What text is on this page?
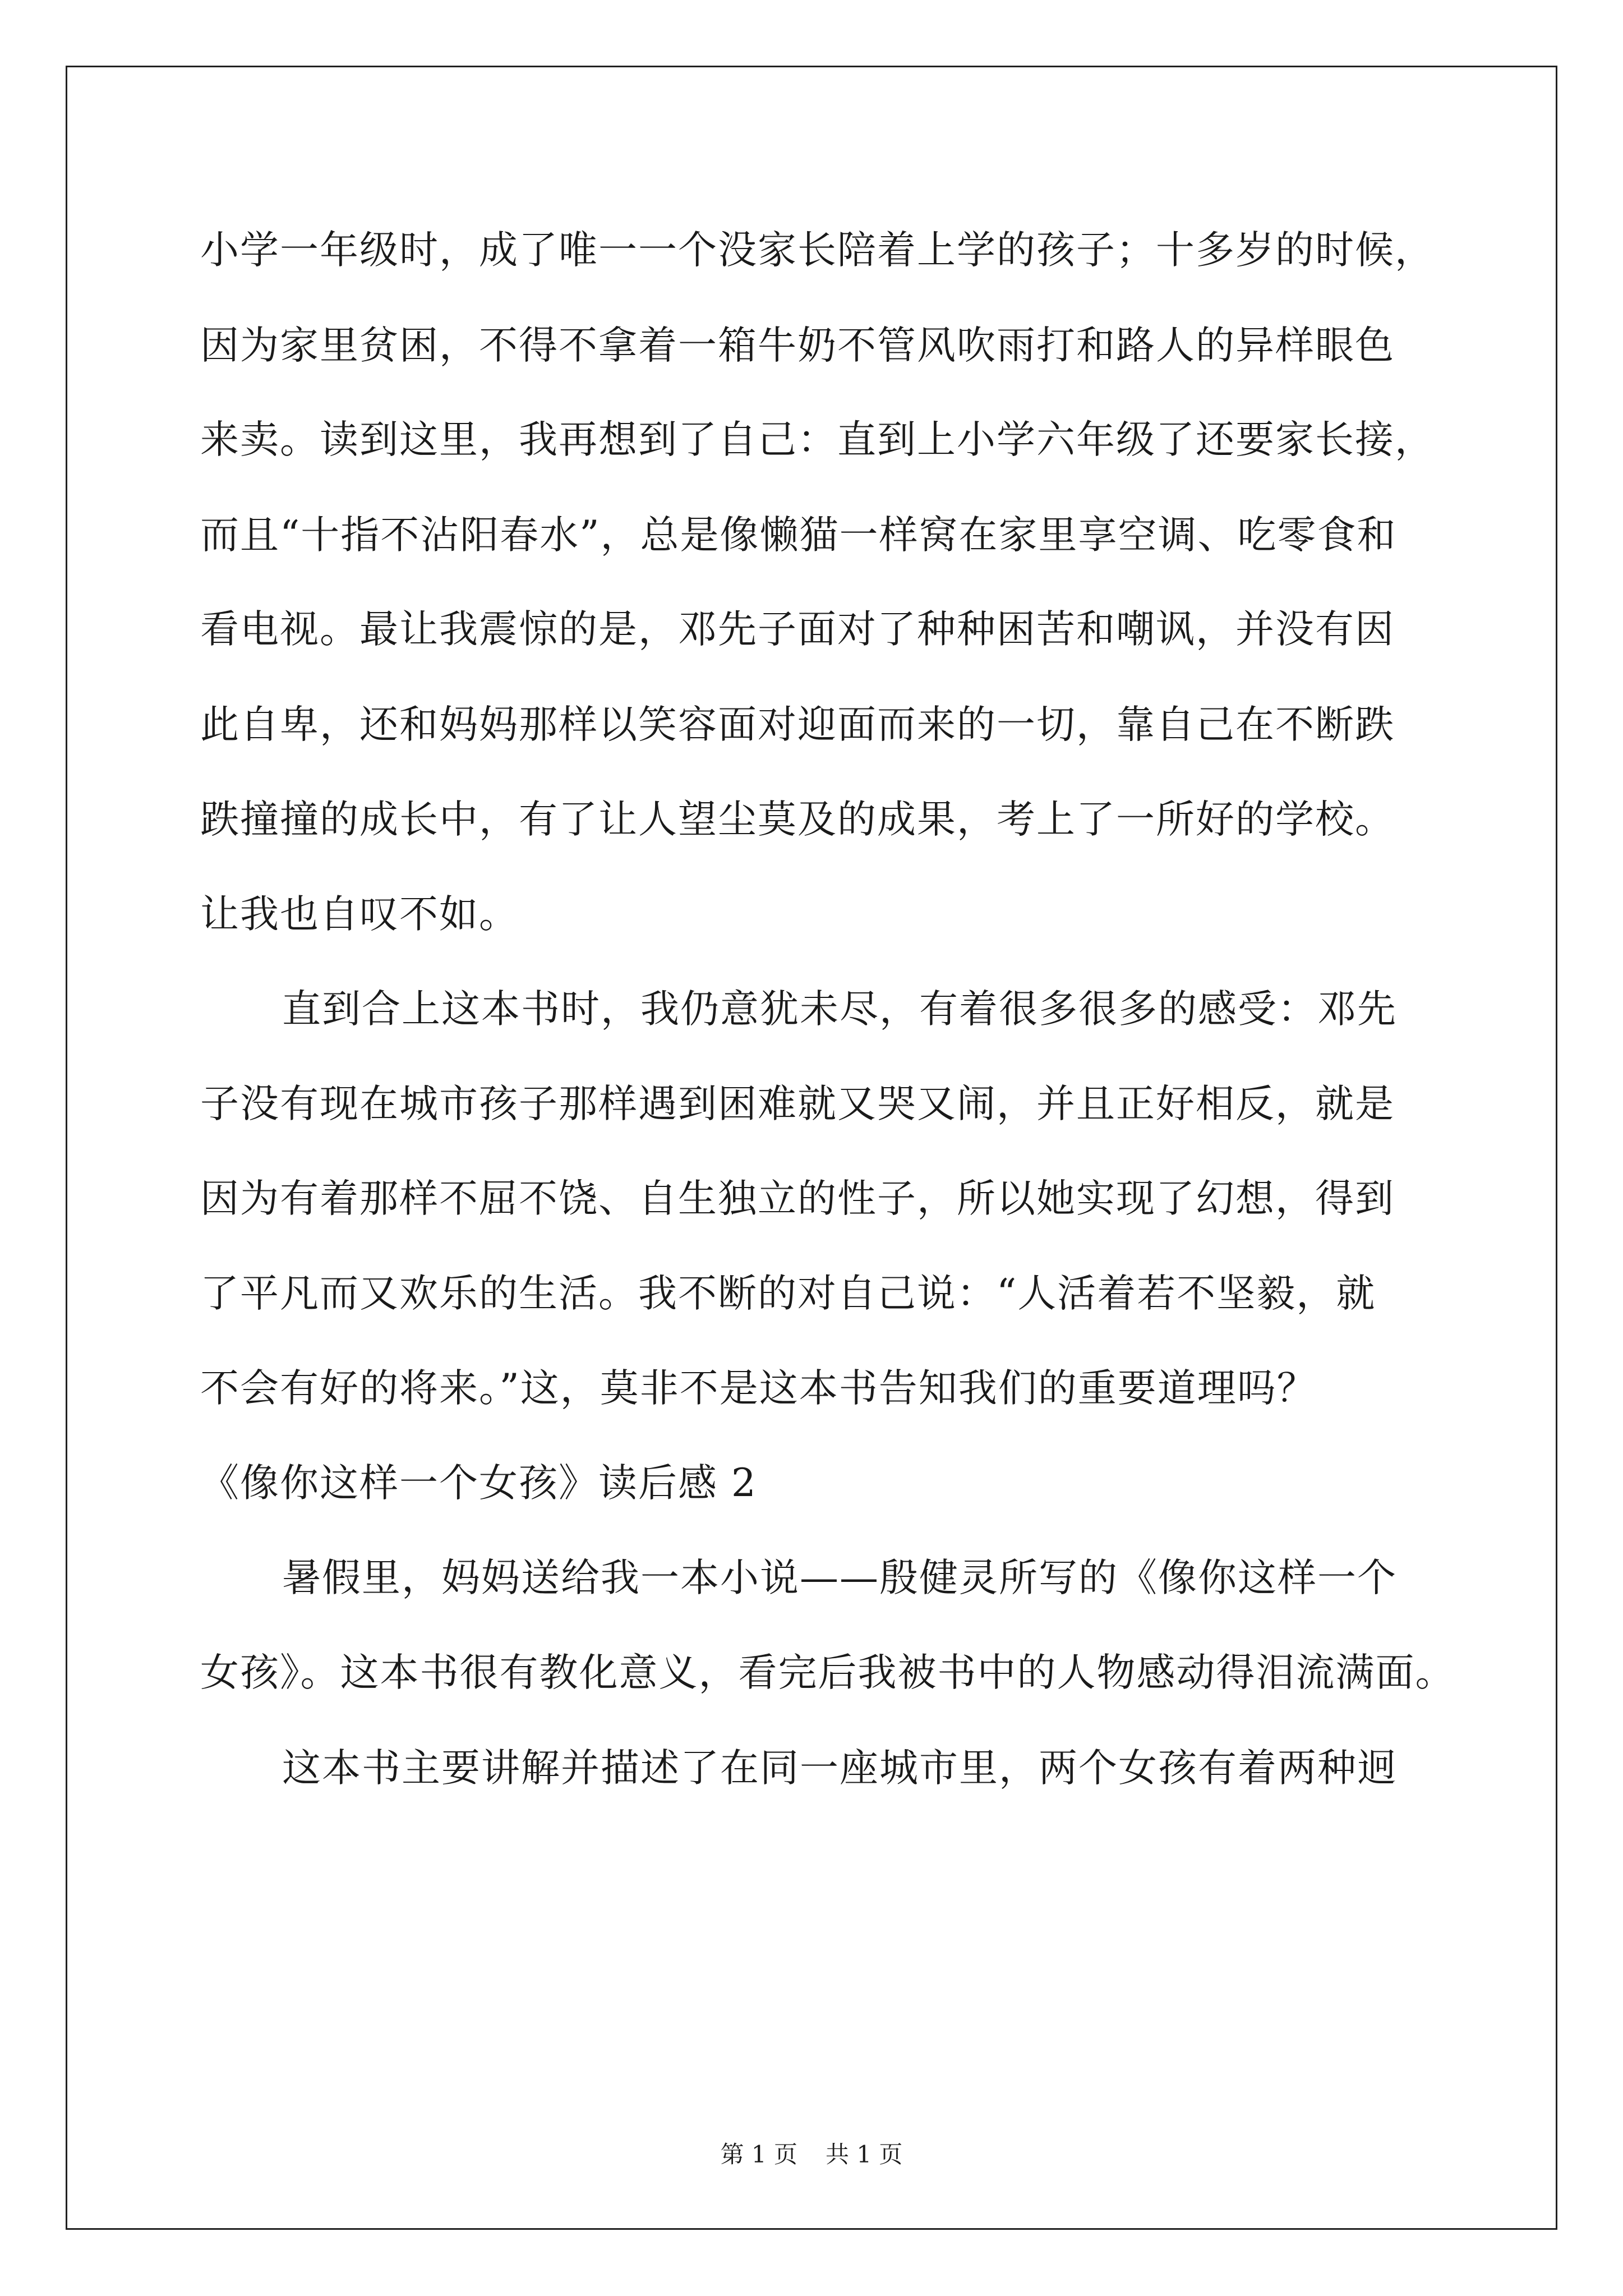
小学一年级时，成了唯一一个没家长陪着上学的孩子；十多岁的时候，
因为家里贫困，不得不拿着一箱牛奶不管风吹雨打和路人的异样眼色
来卖。读到这里，我再想到了自己：直到上小学六年级了还要家长接，
而且“十指不沾阳春水”，总是像懒猫一样窝在家里享空调、吃零食和
看电视。最让我震惊的是，邓先子面对了种种困苦和嘲讽，并没有因
此自卑，还和妈妈那样以笑容面对迎面而来的一切，靠自己在不断跌
跌撞撞的成长中，有了让人望尘莫及的成果，考上了一所好的学校。
让我也自叹不如。
直到合上这本书时，我仍意犹未尽，有着很多很多的感受：邓先
子没有现在城市孩子那样遇到困难就又哭又闹，并且正好相反，就是
因为有着那样不屈不饶、自生独立的性子，所以她实现了幻想，得到
了平凡而又欢乐的生活。我不断的对自己说：“人活着若不坚毅，就
不会有好的将来。”这，莫非不是这本书告知我们的重要道理吗？
《像你这样一个女孩》读后感 2
暑假里，妈妈送给我一本小说——殷健灵所写的《像你这样一个
女孩》。这本书很有教化意义，看完后我被书中的人物感动得泪流满面。
这本书主要讲解并描述了在同一座城市里，两个女孩有着两种迥
第 1 页 共 1 页
